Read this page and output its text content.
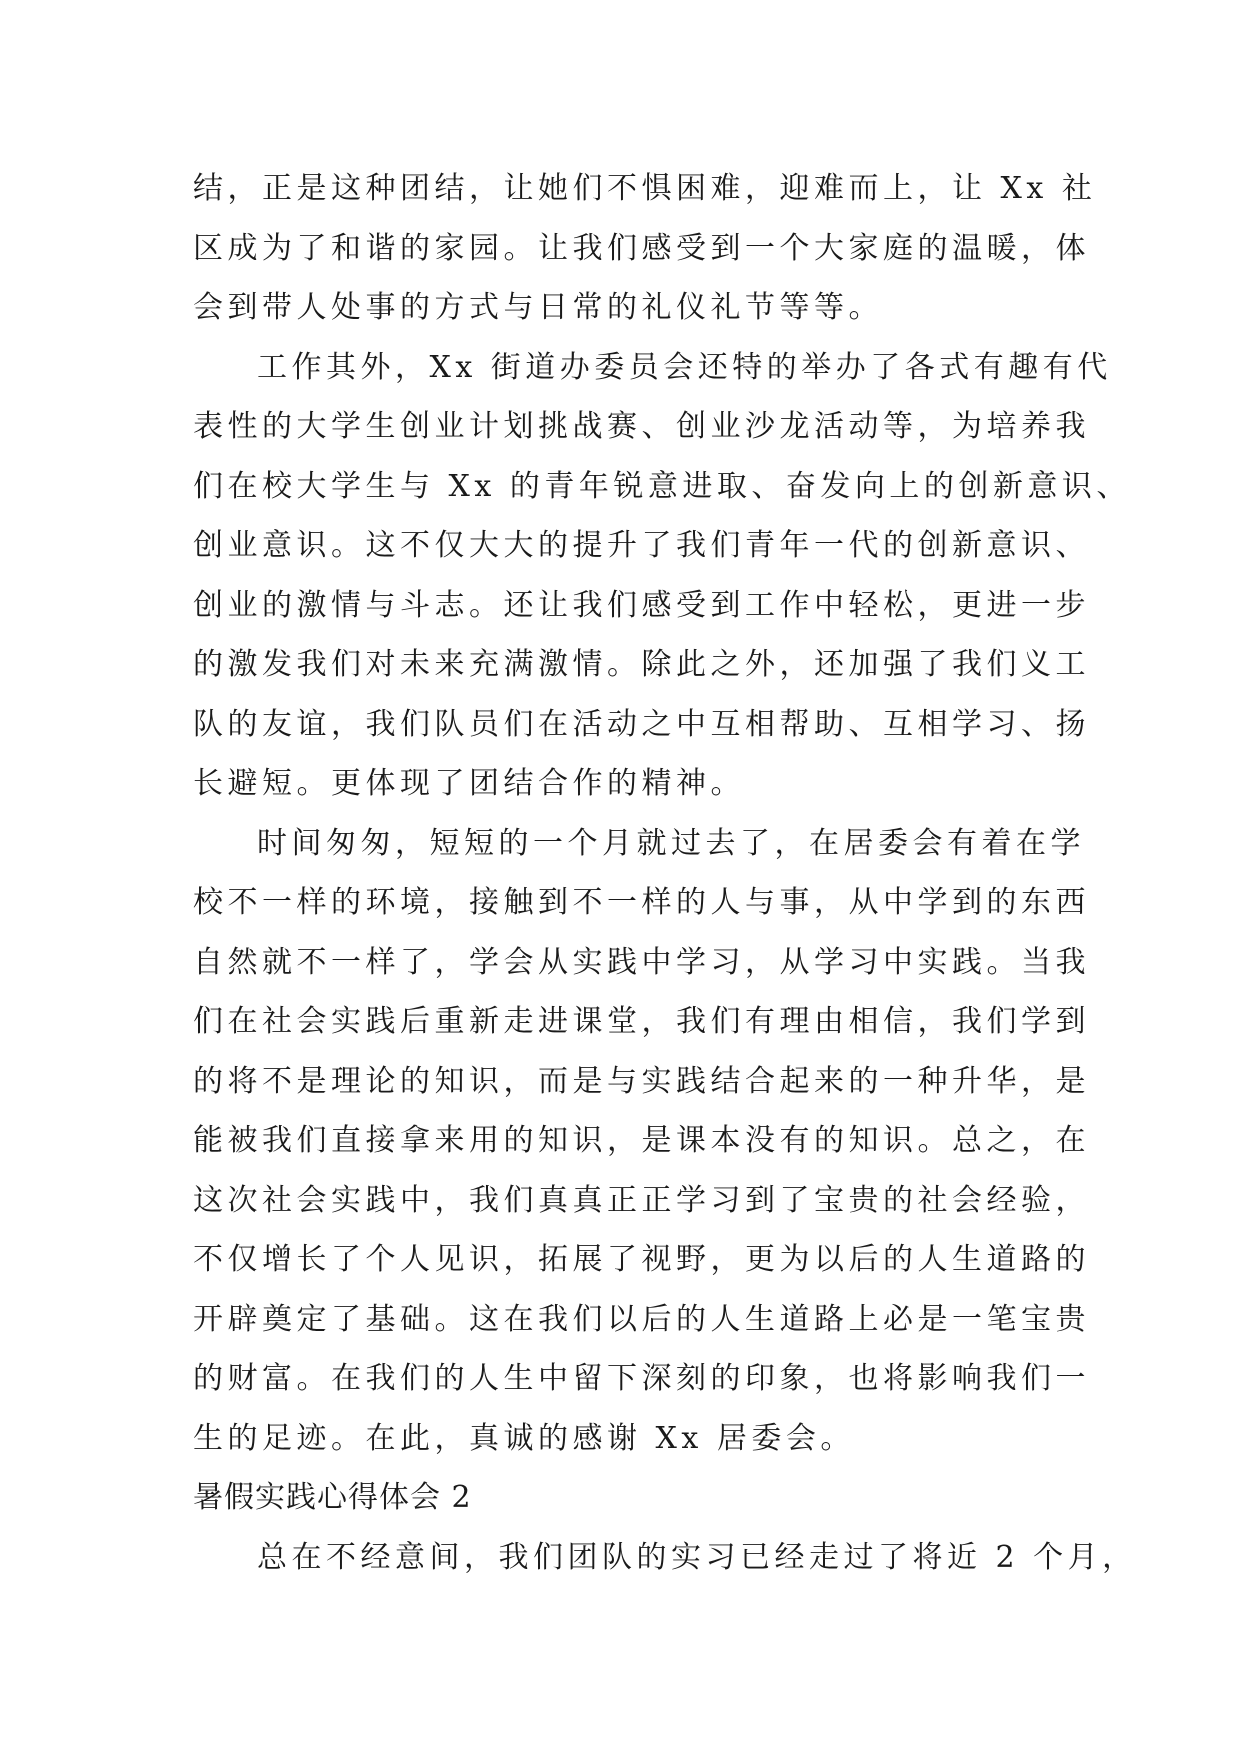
结，正是这种团结，让她们不惧困难，迎难而上，让 Xx 社
区成为了和谐的家园。让我们感受到一个大家庭的温暖，体
会到带人处事的方式与日常的礼仪礼节等等。
工作其外，Xx 街道办委员会还特的举办了各式有趣有代
表性的大学生创业计划挑战赛、创业沙龙活动等，为培养我
们在校大学生与 Xx 的青年锐意进取、奋发向上的创新意识、
创业意识。这不仅大大的提升了我们青年一代的创新意识、
创业的激情与斗志。还让我们感受到工作中轻松，更进一步
的激发我们对未来充满激情。除此之外，还加强了我们义工
队的友谊，我们队员们在活动之中互相帮助、互相学习、扬
长避短。更体现了团结合作的精神。
时间匆匆，短短的一个月就过去了，在居委会有着在学
校不一样的环境，接触到不一样的人与事，从中学到的东西
自然就不一样了，学会从实践中学习，从学习中实践。当我
们在社会实践后重新走进课堂，我们有理由相信，我们学到
的将不是理论的知识，而是与实践结合起来的一种升华，是
能被我们直接拿来用的知识，是课本没有的知识。总之，在
这次社会实践中，我们真真正正学习到了宝贵的社会经验，
不仅增长了个人见识，拓展了视野，更为以后的人生道路的
开辟奠定了基础。这在我们以后的人生道路上必是一笔宝贵
的财富。在我们的人生中留下深刻的印象，也将影响我们一
生的足迹。在此，真诚的感谢 Xx 居委会。
暑假实践心得体会 2
总在不经意间，我们团队的实习已经走过了将近 2 个月，
